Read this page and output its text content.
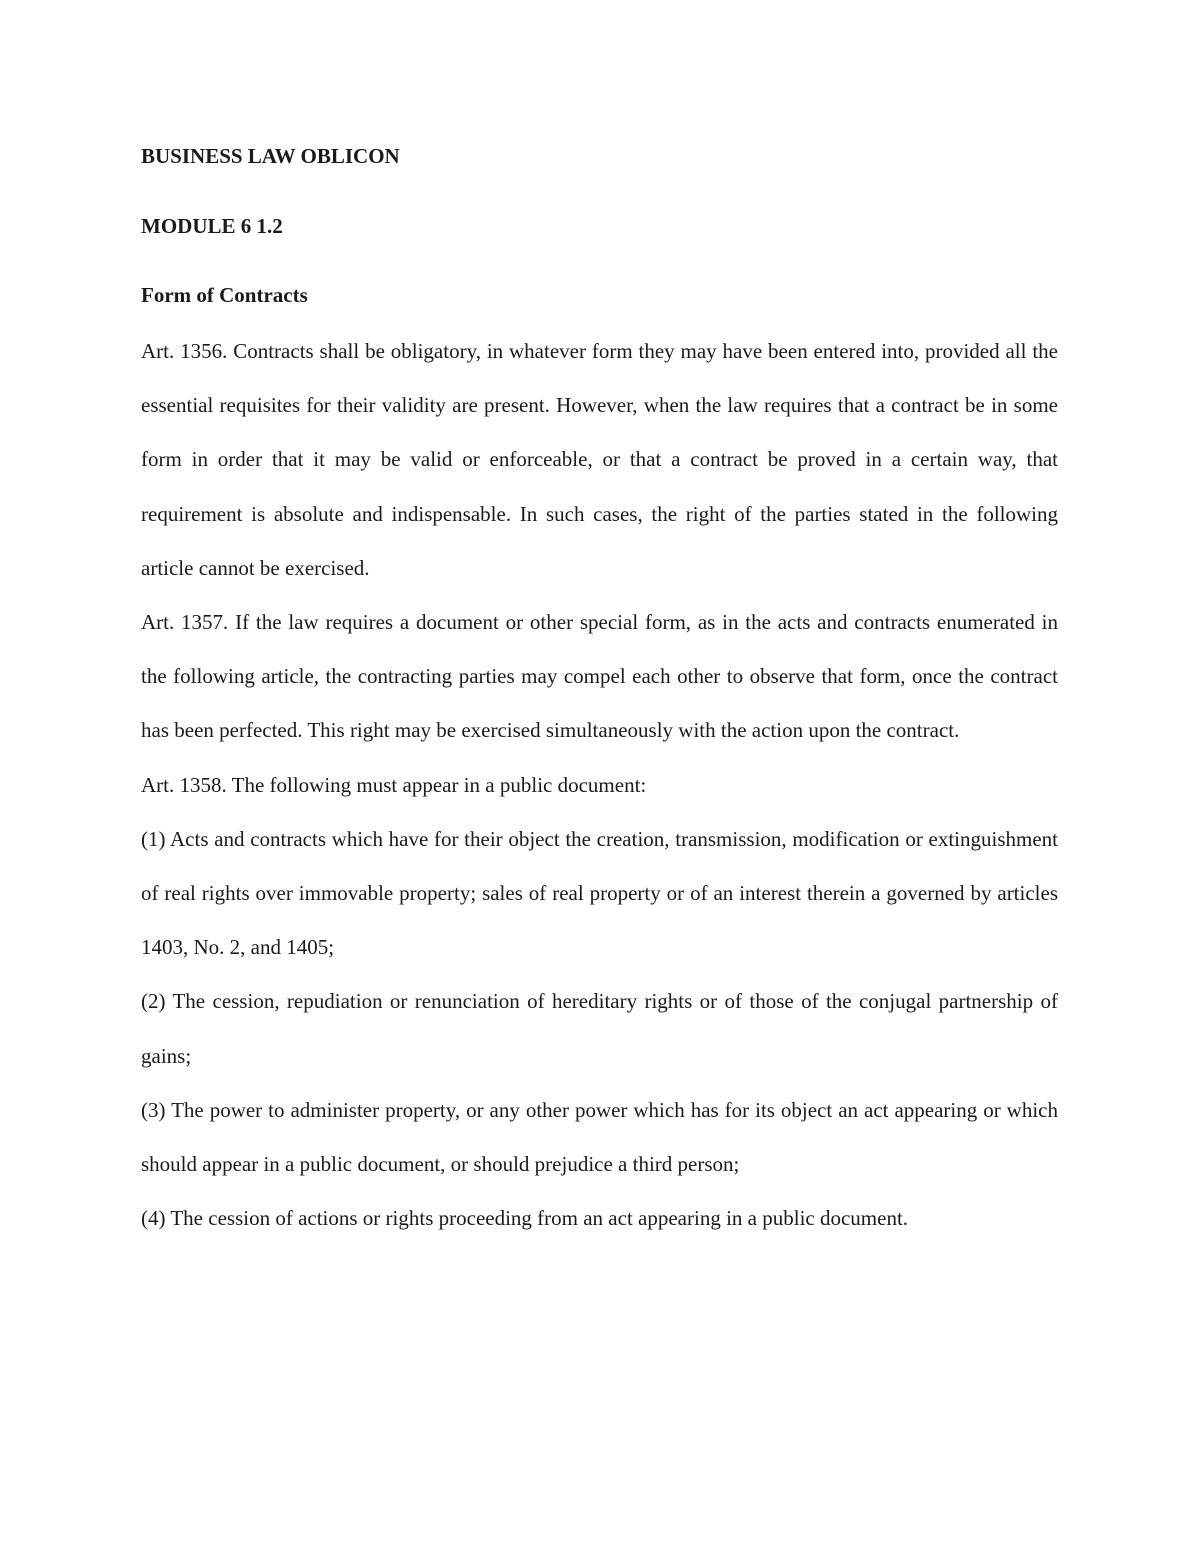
BUSINESS LAW OBLICON
MODULE 6 1.2
Form of Contracts

Art. 1356. Contracts shall be obligatory, in whatever form they may have been entered into, provided all the essential requisites for their validity are present. However, when the law requires that a contract be in some form in order that it may be valid or enforceable, or that a contract be proved in a certain way, that requirement is absolute and indispensable. In such cases, the right of the parties stated in the following article cannot be exercised.

Art. 1357. If the law requires a document or other special form, as in the acts and contracts enumerated in the following article, the contracting parties may compel each other to observe that form, once the contract has been perfected. This right may be exercised simultaneously with the action upon the contract.

Art. 1358. The following must appear in a public document:

(1) Acts and contracts which have for their object the creation, transmission, modification or extinguishment of real rights over immovable property; sales of real property or of an interest therein a governed by articles 1403, No. 2, and 1405;

(2) The cession, repudiation or renunciation of hereditary rights or of those of the conjugal partnership of gains;

(3) The power to administer property, or any other power which has for its object an act appearing or which should appear in a public document, or should prejudice a third person;

(4) The cession of actions or rights proceeding from an act appearing in a public document.
